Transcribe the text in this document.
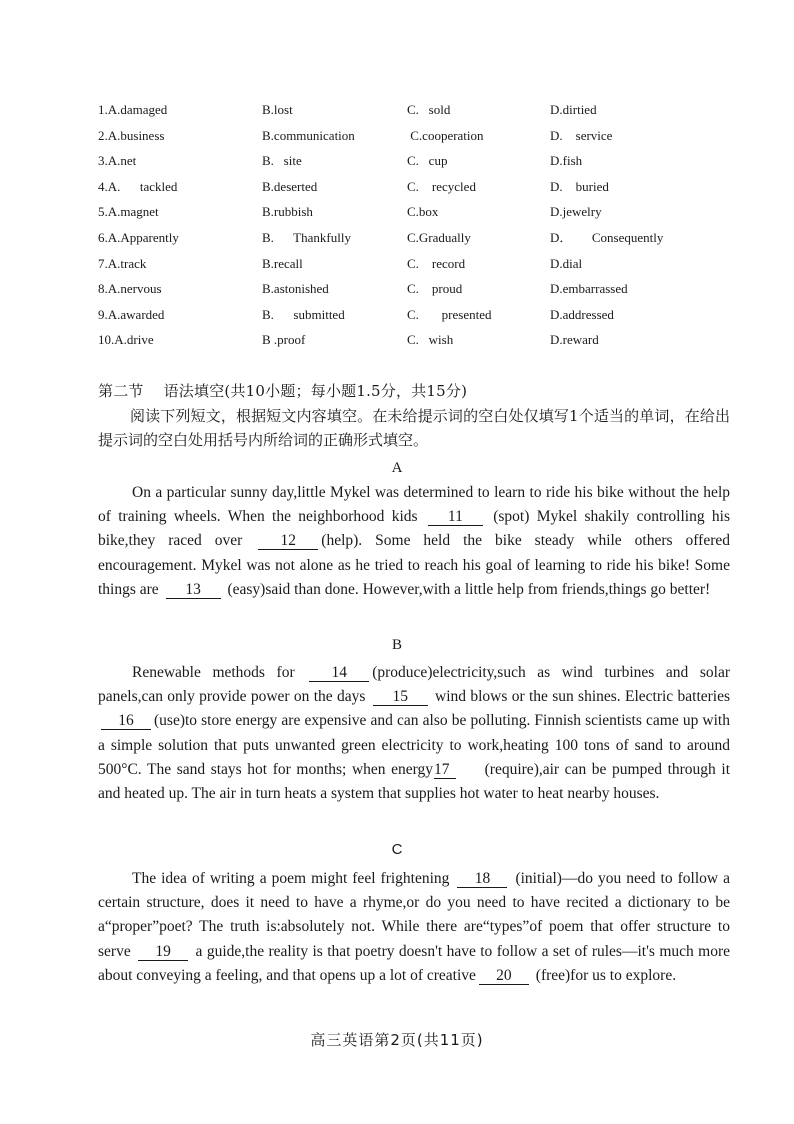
1.A.damaged	B.lost	C.   sold	D.dirtied
2.A.business	B.communication	C.cooperation	D.    service
3.A.net	B.   site	C.   cup	D.fish
4.A.      tackled	B.deserted	C.    recycled	D.    buried
5.A.magnet	B.rubbish	C.box	D.jewelry
6.A.Apparently	B.      Thankfully	C.Gradually	D．      Consequently
7.A.track	B.recall	C.    record	D.dial
8.A.nervous	B.astonished	C.    proud	D.embarrassed
9.A.awarded	B.      submitted	C.       presented	D.addressed
10.A.drive	B .proof	C.   wish	D.reward
第二节 语法填空(共10小题；每小题1.5分，共15分)
阅读下列短文，根据短文内容填空。在未给提示词的空白处仅填写1个适当的单词，在给出提示词的空白处用括号内所给词的正确形式填空。
A
On a particular sunny day,little Mykel was determined to learn to ride his bike without the help of training wheels. When the neighborhood kids 11 (spot) Mykel shakily controlling his bike,they raced over 12 (help). Some held the bike steady while others offered encouragement. Mykel was not alone as he tried to reach his goal of learning to ride his bike! Some things are 13 (easy)said than done. However,with a little help from friends,things go better!
B
Renewable methods for 14 (produce)electricity,such as wind turbines and solar panels,can only provide power on the days 15 wind blows or the sun shines. Electric batteries 16 (use)to store energy are expensive and can also be polluting. Finnish scientists came up with a simple solution that puts unwanted green electricity to work,heating 100 tons of sand to around 500°C. The sand stays hot for months; when energy17 (require),air can be pumped through it and heated up. The air in turn heats a system that supplies hot water to heat nearby houses.
C
The idea of writing a poem might feel frightening 18 (initial)—do you need to follow a certain structure, does it need to have a rhyme,or do you need to have recited a dictionary to be a“proper”poet? The truth is:absolutely not. While there are“types”of poem that offer structure to serve 19 a guide,the reality is that poetry doesn't have to follow a set of rules—it's much more about conveying a feeling, and that opens up a lot of creative 20 (free)for us to explore.
高三英语第2页(共11页)
